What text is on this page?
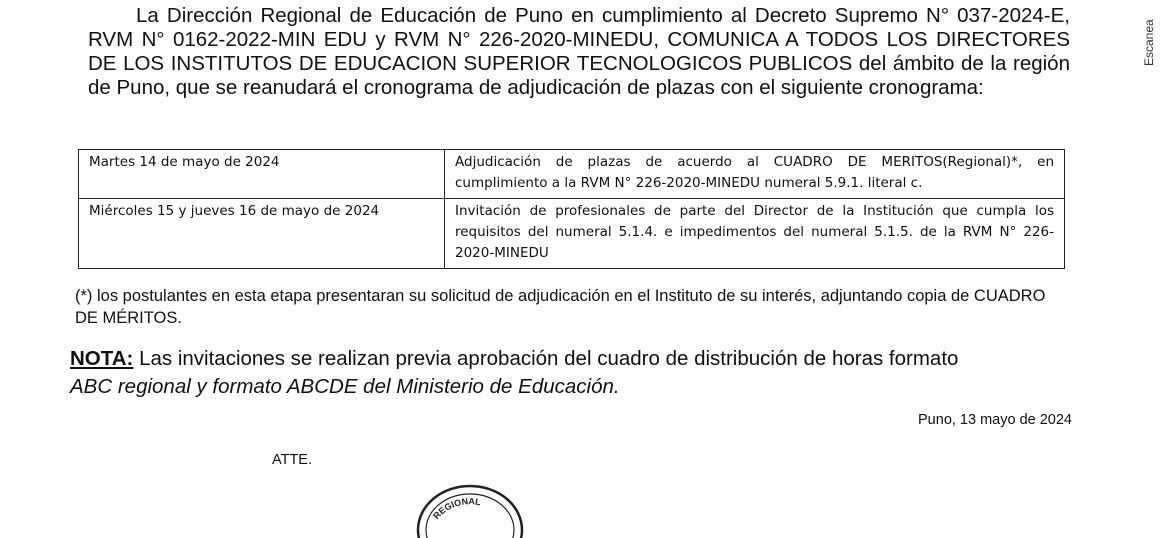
Escanea

La Dirección Regional de Educación de Puno en cumplimiento al Decreto Supremo N° 037-2024-E, RVM N° 0162-2022-MIN EDU y RVM N° 226-2020-MINEDU, COMUNICA A TODOS LOS DIRECTORES DE LOS INSTITUTOS DE EDUCACION SUPERIOR TECNOLOGICOS PUBLICOS del ámbito de la región de Puno, que se reanudará el cronograma de adjudicación de plazas con el siguiente cronograma:

Martes 14 de mayo de 2024	Adjudicación de plazas de acuerdo al CUADRO DE MERITOS(Regional)*, en cumplimiento a la RVM N° 226-2020-MINEDU numeral 5.9.1. literal c.
Miércoles 15 y jueves 16 de mayo de 2024	Invitación de profesionales de parte del Director de la Institución que cumpla los requisitos del numeral 5.1.4. e impedimentos del numeral 5.1.5. de la RVM N° 226-2020-MINEDU
(*) los postulantes en esta etapa presentaran su solicitud de adjudicación en el Instituto de su interés, adjuntando copia de CUADRO DE MÉRITOS.
NOTA: Las invitaciones se realizan previa aprobación del cuadro de distribución de horas formato
ABC regional y formato ABCDE del Ministerio de Educación.
Puno, 13 mayo de 2024
ATTE.
REGIONAL
